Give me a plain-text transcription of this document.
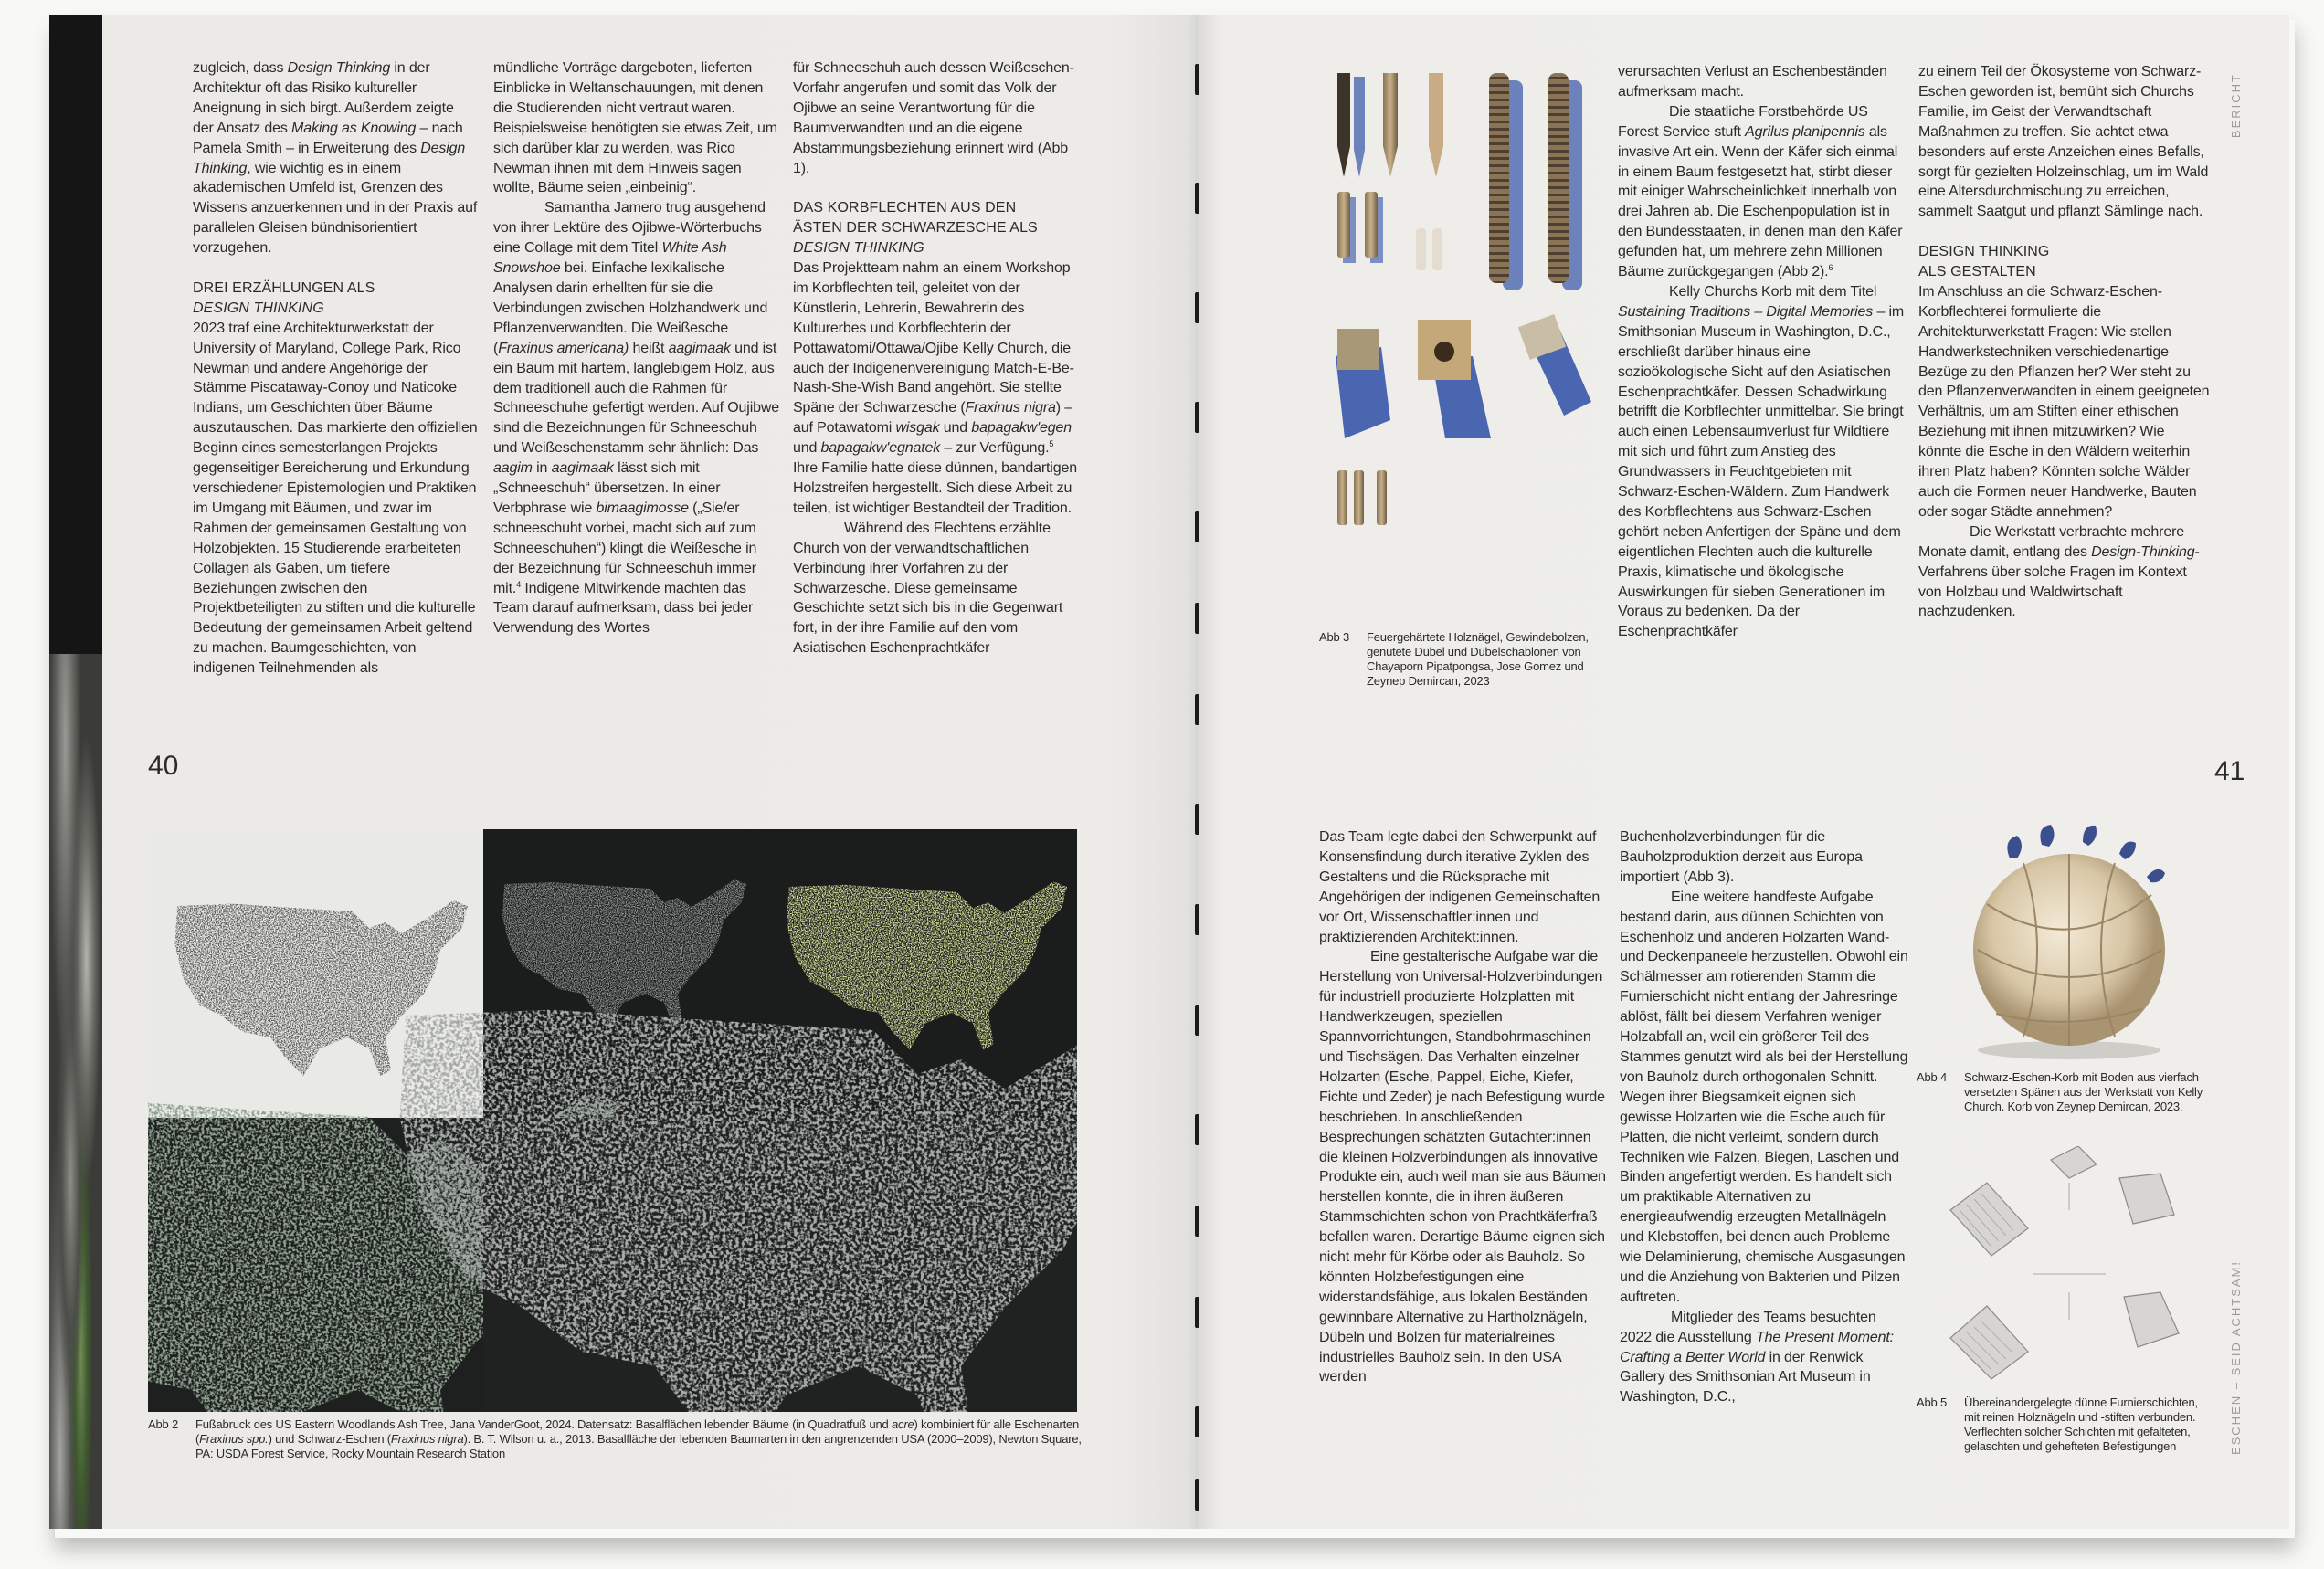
zugleich, dass Design Thinking in der Architektur oft das Risiko kultureller Aneignung in sich birgt. Außerdem zeigte der Ansatz des Making as Knowing – nach Pamela Smith – in Erweiterung des Design Thinking, wie wichtig es in einem akademischen Umfeld ist, Grenzen des Wissens anzuerkennen und in der Praxis auf parallelen Gleisen bündnisorientiert vorzugehen.

DREI ERZÄHLUNGEN ALS
DESIGN THINKING

2023 traf eine Architekturwerkstatt der University of Maryland, College Park, Rico Newman und andere Angehörige der Stämme Piscataway-Conoy und Naticoke Indians, um Geschichten über Bäume auszutauschen. Das markierte den offiziellen Beginn eines semesterlangen Projekts gegenseitiger Bereicherung und Erkundung verschiedener Epistemologien und Praktiken im Umgang mit Bäumen, und zwar im Rahmen der gemeinsamen Gestaltung von Holzobjekten. 15 Studierende erarbeiteten Collagen als Gaben, um tiefere Beziehungen zwischen den Projektbeteiligten zu stiften und die kulturelle Bedeutung der gemeinsamen Arbeit geltend zu machen. Baumgeschichten, von indigenen Teilnehmenden als

mündliche Vorträge dargeboten, lieferten Einblicke in Weltanschauungen, mit denen die Studierenden nicht vertraut waren. Beispielsweise benötigten sie etwas Zeit, um sich darüber klar zu werden, was Rico Newman ihnen mit dem Hinweis sagen wollte, Bäume seien „einbeinig“.

Samantha Jamero trug ausgehend von ihrer Lektüre des Ojibwe-Wörterbuchs eine Collage mit dem Titel White Ash Snowshoe bei. Einfache lexikalische Analysen darin erhellten für sie die Verbindungen zwischen Holzhandwerk und Pflanzenverwandten. Die Weißesche (Fraxinus americana) heißt aagimaak und ist ein Baum mit hartem, langlebigem Holz, aus dem traditionell auch die Rahmen für Schneeschuhe gefertigt werden. Auf Oujibwe sind die Bezeichnungen für Schneeschuh und Weißeschenstamm sehr ähnlich: Das aagim in aagimaak lässt sich mit „Schneeschuh“ übersetzen. In einer Verbphrase wie bimaagimosse („Sie/er schneeschuht vorbei, macht sich auf zum Schneeschuhen“) klingt die Weißesche in der Bezeichnung für Schneeschuh immer mit.$^4$ Indigene Mitwirkende machten das Team darauf aufmerksam, dass bei jeder Verwendung des Wortes

für Schneeschuh auch dessen Weißeschen-Vorfahr angerufen und somit das Volk der Ojibwe an seine Verantwortung für die Baumverwandten und an die eigene Abstammungsbeziehung erinnert wird (Abb 1).

DAS KORBFLECHTEN AUS DEN
ÄSTEN DER SCHWARZESCHE ALS
DESIGN THINKING

Das Projektteam nahm an einem Workshop im Korbflechten teil, geleitet von der Künstlerin, Lehrerin, Bewahrerin des Kulturerbes und Korbflechterin der Pottawatomi/Ottawa/Ojibe Kelly Church, die auch der Indigenenvereinigung Match-E-Be-Nash-She-Wish Band angehört. Sie stellte Späne der Schwarzesche (Fraxinus nigra) – auf Potawatomi wisgak und bapagakw'egen und bapagakw'egnatek – zur Verfügung.$^5$ Ihre Familie hatte diese dünnen, bandartigen Holzstreifen hergestellt. Sich diese Arbeit zu teilen, ist wichtiger Bestandteil der Tradition.

Während des Flechtens erzählte Church von der verwandtschaftlichen Verbindung ihrer Vorfahren zu der Schwarzesche. Diese gemeinsame Geschichte setzt sich bis in die Gegenwart fort, in der ihre Familie auf den vom Asiatischen Eschenprachtkäfer

40
Abb 2	Fußabruck des US Eastern Woodlands Ash Tree, Jana VanderGoot, 2024. Datensatz: Basalflächen lebender Bäume (in Quadratfuß und acre) kombiniert für alle Eschenarten (Fraxinus spp.) und Schwarz-Eschen (Fraxinus nigra). B. T. Wilson u. a., 2013. Basalfläche der lebenden Baumarten in den angrenzenden USA (2000–2009), Newton Square, PA: USDA Forest Service, Rocky Mountain Research Station
Abb 3	Feuergehärtete Holznägel, Gewindebolzen, genutete Dübel und Dübelschablonen von Chayaporn Pipatpongsa, Jose Gomez und Zeynep Demircan, 2023

verursachten Verlust an Eschenbeständen aufmerksam macht.

Die staatliche Forstbehörde US Forest Service stuft Agrilus planipennis als invasive Art ein. Wenn der Käfer sich einmal in einem Baum festgesetzt hat, stirbt dieser mit einiger Wahrscheinlichkeit innerhalb von drei Jahren ab. Die Eschenpopulation ist in den Bundesstaaten, in denen man den Käfer gefunden hat, um mehrere zehn Millionen Bäume zurückgegangen (Abb 2).$^6$

Kelly Churchs Korb mit dem Titel Sustaining Traditions – Digital Memories – im Smithsonian Museum in Washington, D.C., erschließt darüber hinaus eine sozioökologische Sicht auf den Asiatischen Eschenprachtkäfer. Dessen Schadwirkung betrifft die Korbflechter unmittelbar. Sie bringt auch einen Lebensaumverlust für Wildtiere mit sich und führt zum Anstieg des Grundwassers in Feuchtgebieten mit Schwarz-Eschen-Wäldern. Zum Handwerk des Korbflechtens aus Schwarz-Eschen gehört neben Anfertigen der Späne und dem eigentlichen Flechten auch die kulturelle Praxis, klimatische und ökologische Auswirkungen für sieben Generationen im Voraus zu bedenken. Da der Eschenprachtkäfer

zu einem Teil der Ökosysteme von Schwarz-Eschen geworden ist, bemüht sich Churchs Familie, im Geist der Verwandtschaft Maßnahmen zu treffen. Sie achtet etwa besonders auf erste Anzeichen eines Befalls, sorgt für gezielten Holzeinschlag, um im Wald eine Altersdurchmischung zu erreichen, sammelt Saatgut und pflanzt Sämlinge nach.

DESIGN THINKING
ALS GESTALTEN

Im Anschluss an die Schwarz-Eschen-Korbflechterei formulierte die Architekturwerkstatt Fragen: Wie stellen Handwerkstechniken verschiedenartige Bezüge zu den Pflanzen her? Wer steht zu den Pflanzenverwandten in einem geeigneten Verhältnis, um am Stiften einer ethischen Beziehung mit ihnen mitzuwirken? Wie könnte die Esche in den Wäldern weiterhin ihren Platz haben? Könnten solche Wälder auch die Formen neuer Handwerke, Bauten oder sogar Städte annehmen?

Die Werkstatt verbrachte mehrere Monate damit, entlang des Design-Thinking-Verfahrens über solche Fragen im Kontext von Holzbau und Waldwirtschaft nachzudenken.

BERICHT
41

Das Team legte dabei den Schwerpunkt auf Konsensfindung durch iterative Zyklen des Gestaltens und die Rücksprache mit Angehörigen der indigenen Gemeinschaften vor Ort, Wissenschaftler:innen und praktizierenden Architekt:innen.

Eine gestalterische Aufgabe war die Herstellung von Universal-Holzverbindungen für industriell produzierte Holzplatten mit Handwerkzeugen, speziellen Spannvorrichtungen, Standbohrmaschinen und Tischsägen. Das Verhalten einzelner Holzarten (Esche, Pappel, Eiche, Kiefer, Fichte und Zeder) je nach Befestigung wurde beschrieben. In anschließenden Besprechungen schätzten Gutachter:innen die kleinen Holzverbindungen als innovative Produkte ein, auch weil man sie aus Bäumen herstellen konnte, die in ihren äußeren Stammschichten schon von Prachtkäferfraß befallen waren. Derartige Bäume eignen sich nicht mehr für Körbe oder als Bauholz. So könnten Holzbefestigungen eine widerstandsfähige, aus lokalen Beständen gewinnbare Alternative zu Hartholznägeln, Dübeln und Bolzen für materialreines industrielles Bauholz sein. In den USA werden

Buchenholzverbindungen für die Bauholzproduktion derzeit aus Europa importiert (Abb 3).

Eine weitere handfeste Aufgabe bestand darin, aus dünnen Schichten von Eschenholz und anderen Holzarten Wand- und Deckenpaneele herzustellen. Obwohl ein Schälmesser am rotierenden Stamm die Furnierschicht nicht entlang der Jahresringe ablöst, fällt bei diesem Verfahren weniger Holzabfall an, weil ein größerer Teil des Stammes genutzt wird als bei der Herstellung von Bauholz durch orthogonalen Schnitt. Wegen ihrer Biegsamkeit eignen sich gewisse Holzarten wie die Esche auch für Platten, die nicht verleimt, sondern durch Techniken wie Falzen, Biegen, Laschen und Binden angefertigt werden. Es handelt sich um praktikable Alternativen zu energieaufwendig erzeugten Metallnägeln und Klebstoffen, bei denen auch Probleme wie Delaminierung, chemische Ausgasungen und die Anziehung von Bakterien und Pilzen auftreten.

Mitglieder des Teams besuchten 2022 die Ausstellung The Present Moment: Crafting a Better World in der Renwick Gallery des Smithsonian Art Museum in Washington, D.C.,

Abb 4	Schwarz-Eschen-Korb mit Boden aus vierfach versetzten Spänen aus der Werkstatt von Kelly Church. Korb von Zeynep Demircan, 2023.
Abb 5	Übereinandergelegte dünne Furnierschichten, mit reinen Holznägeln und -stiften verbunden. Verflechten solcher Schichten mit gefalteten, gelaschten und gehefteten Befestigungen	ESCHEN – SEID ACHTSAM!
